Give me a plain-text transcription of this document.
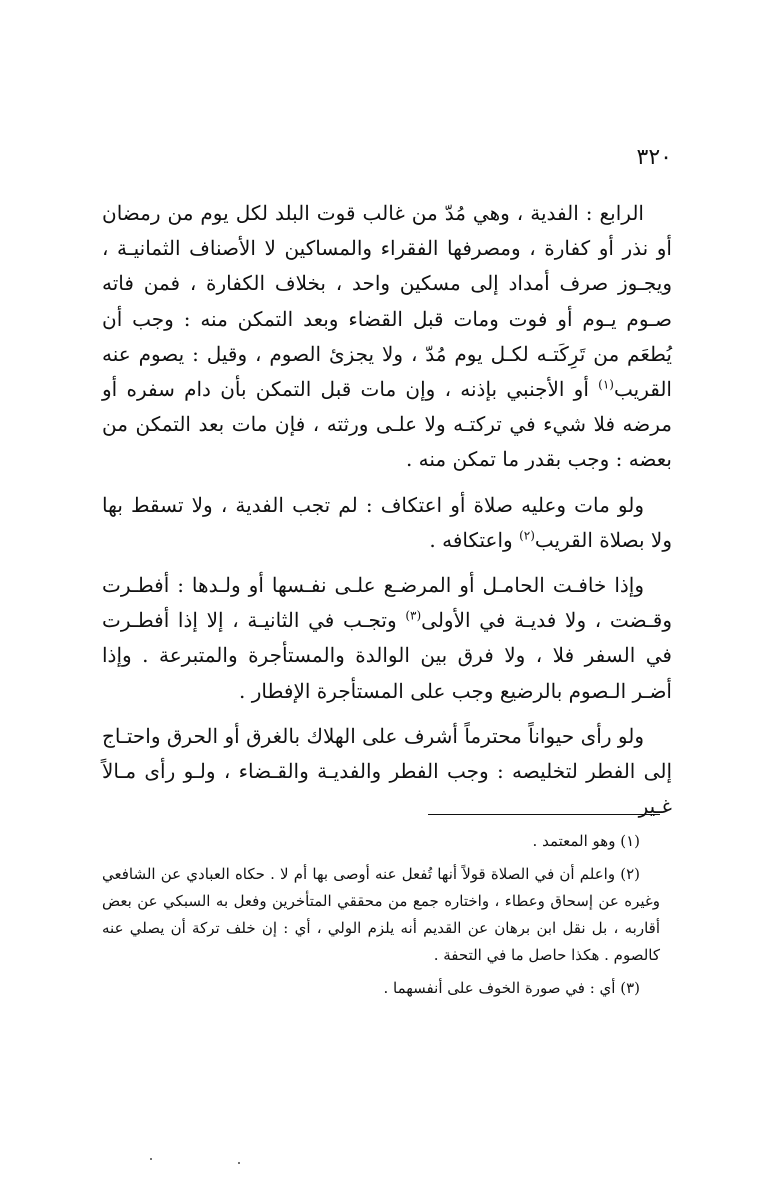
٣٢٠

الرابع : الفدية ، وهي مُدّ من غالب قوت البلد لكل يوم من رمضان أو نذر أو كفارة ، ومصرفها الفقراء والمساكين لا الأصناف الثمانيـة ، ويجـوز صرف أمداد إلى مسكين واحد ، بخلاف الكفارة ، فمن فاته صـوم يـوم أو فوت ومات قبل القضاء وبعد التمكن منه : وجب أن يُطعَم من تَرِكَتـه لكـل يوم مُدّ ، ولا يجزئ الصوم ، وقيل : يصوم عنه القريب$^{(١)}$ أو الأجنبي بإذنه ، وإن مات قبل التمكن بأن دام سفره أو مرضه فلا شيء في تركتـه ولا علـى ورثته ، فإن مات بعد التمكن من بعضه : وجب بقدر ما تمكن منه .

ولو مات وعليه صلاة أو اعتكاف : لم تجب الفدية ، ولا تسقط بها ولا بصلاة القريب$^{(٢)}$ واعتكافه .

وإذا خافـت الحامـل أو المرضـع علـى نفـسها أو ولـدها : أفطـرت وقـضت ، ولا فديـة في الأولى$^{(٣)}$ وتجـب في الثانيـة ، إلا إذا أفطـرت في السفر فلا ، ولا فرق بين الوالدة والمستأجرة والمتبرعة . وإذا أضـر الـصوم بالرضيع وجب على المستأجرة الإفطار .

ولو رأى حيواناً محترماً أشرف على الهلاك بالغرق أو الحرق واحتـاج إلى الفطر لتخليصه : وجب الفطر والفديـة والقـضاء ، ولـو رأى مـالاً غـير

(١) وهو المعتمد .

(٢) واعلم أن في الصلاة قولاً أنها تُفعل عنه أوصى بها أم لا . حكاه العبادي عن الشافعي وغيره عن إسحاق وعطاء ، واختاره جمع من محققي المتأخرين وفعل به السبكي عن بعض أقاربه ، بل نقل ابن برهان عن القديم أنه يلزم الولي ، أي : إن خلف تركة أن يصلي عنه كالصوم . هكذا حاصل ما في التحفة .

(٣) أي : في صورة الخوف على أنفسهما .
